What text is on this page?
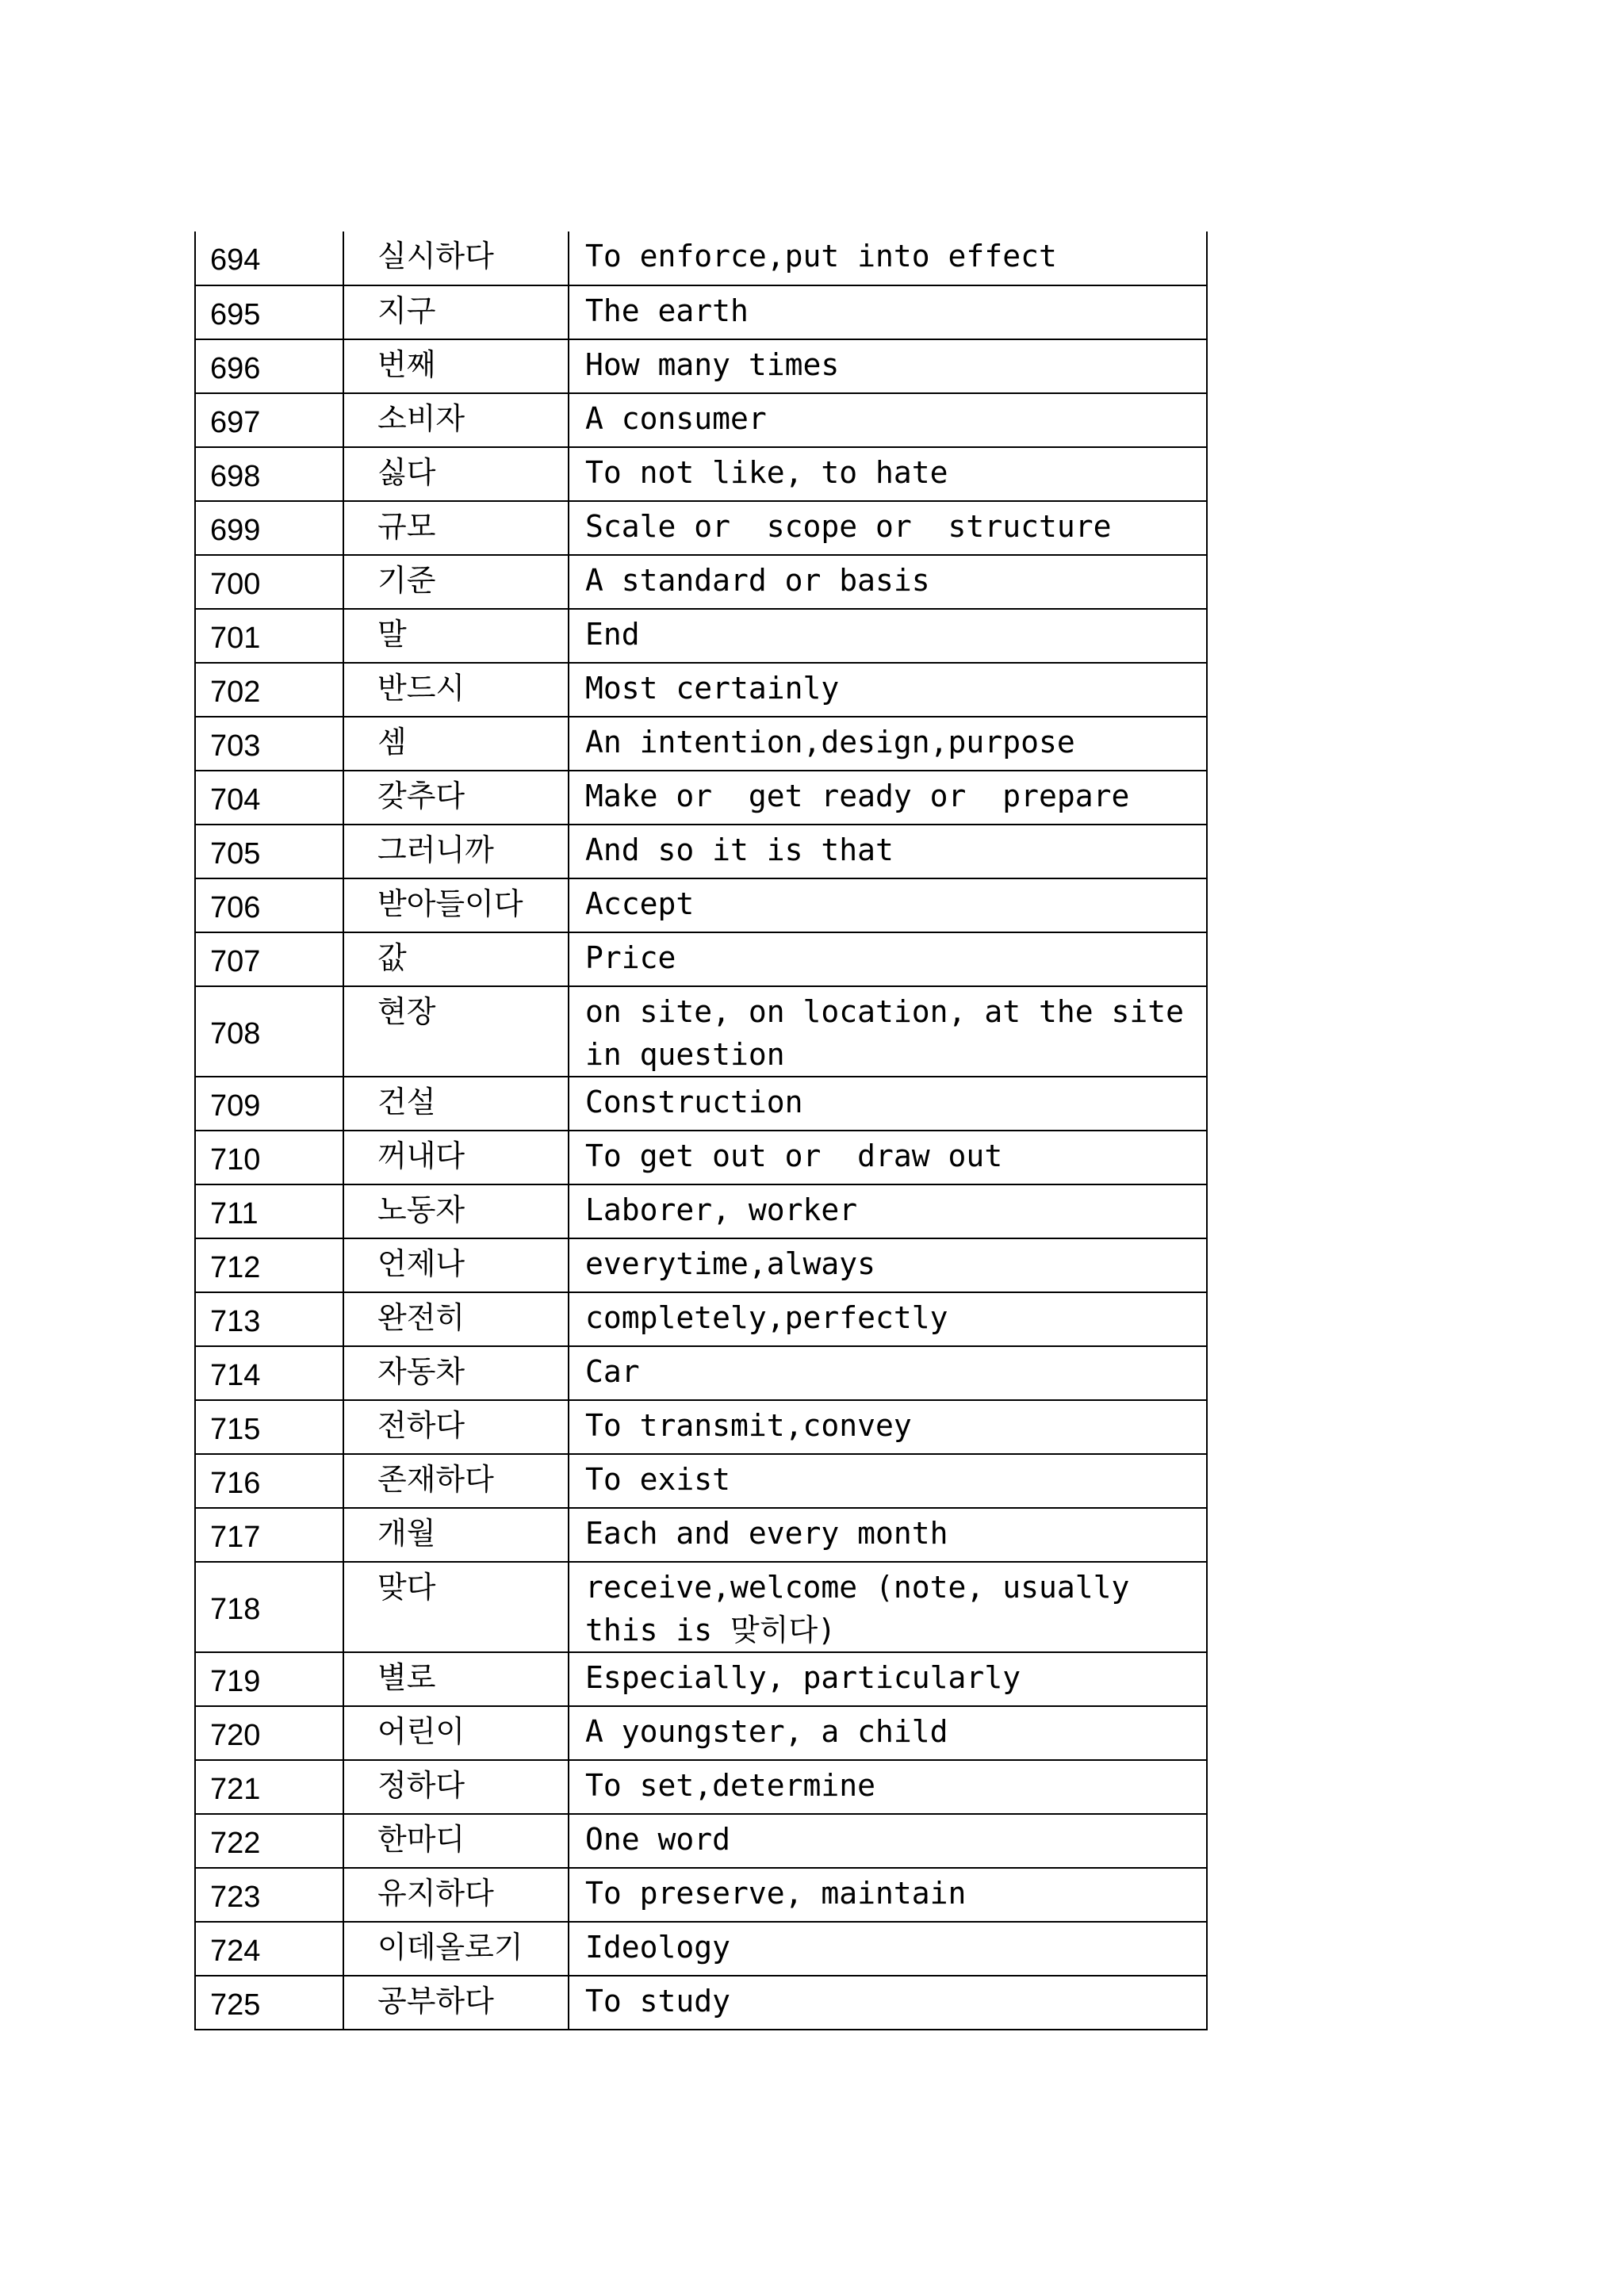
694	실시하다	To enforce,put into effect
695	지구	The earth
696	번째	How many times
697	소비자	A consumer
698	싫다	To not like, to hate
699	규모	Scale or  scope or  structure
700	기준	A standard or basis
701	말	End
702	반드시	Most certainly
703	셈	An intention,design,purpose
704	갖추다	Make or  get ready or  prepare
705	그러니까	And so it is that
706	받아들이다	Accept
707	값	Price
708	현장	on site, on location, at the site in question
709	건설	Construction
710	꺼내다	To get out or  draw out
711	노동자	Laborer, worker
712	언제나	everytime,always
713	완전히	completely,perfectly
714	자동차	Car
715	전하다	To transmit,convey
716	존재하다	To exist
717	개월	Each and every month
718	맞다	receive,welcome (note, usually this is 맞히다)
719	별로	Especially, particularly
720	어린이	A youngster, a child
721	정하다	To set,determine
722	한마디	One word
723	유지하다	To preserve, maintain
724	이데올로기	Ideology
725	공부하다	To study
